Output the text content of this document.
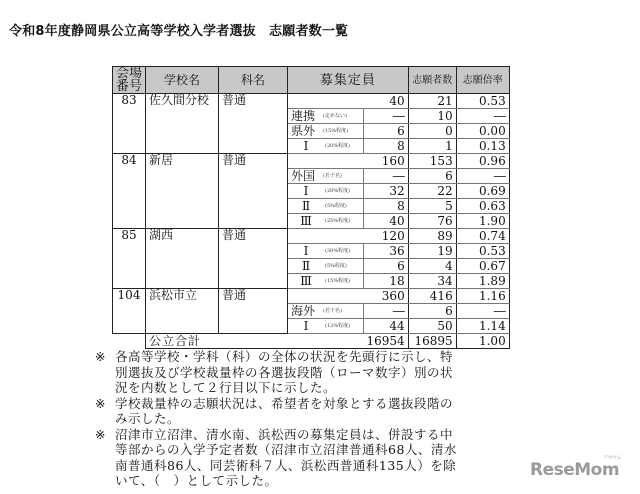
令和8年度静岡県公立高等学校入学者選抜　志願者数一覧
会場
番号	学校名	科名	募集定員		志願者数	志願倍率
83	佐久間分校	普通	40		21	0.53
			連携 (定めない)	―	10	―
			県外 (15%程度)	6	0	0.00
			Ⅰ (20%程度)	8	1	0.13
84	新居	普通	160		153	0.96
			外国 (若干名)	―	6	―
			Ⅰ (20%程度)	32	22	0.69
			Ⅱ (5%程度)	8	5	0.63
			Ⅲ (25%程度)	40	76	1.90
85	湖西	普通	120		89	0.74
			Ⅰ (30%程度)	36	19	0.53
			Ⅱ (5%程度)	6	4	0.67
			Ⅲ (15%程度)	18	34	1.89
104	浜松市立	普通	360		416	1.16
			海外 (若干名)	―	6	―
			Ⅰ (12%程度)	44	50	1.14
	公立合計			16954	16895	1.00
※ 各高等学校・学科（科）の全体の状況を先頭行に示し、特別選抜及び学校裁量枠の各選抜段階（ローマ数字）別の状況を内数として２行目以下に示した。
※ 学校裁量枠の志願状況は、希望者を対象とする選抜段階のみ示した。
※ 沼津市立沼津、清水南、浜松西の募集定員は、併設する中等部からの入学予定者数（沼津市立沼津普通科68人、清水南普通科86人、同芸術科７人、浜松西普通科135人）を除いて、（　）として示した。
ReseMom
リセマム
